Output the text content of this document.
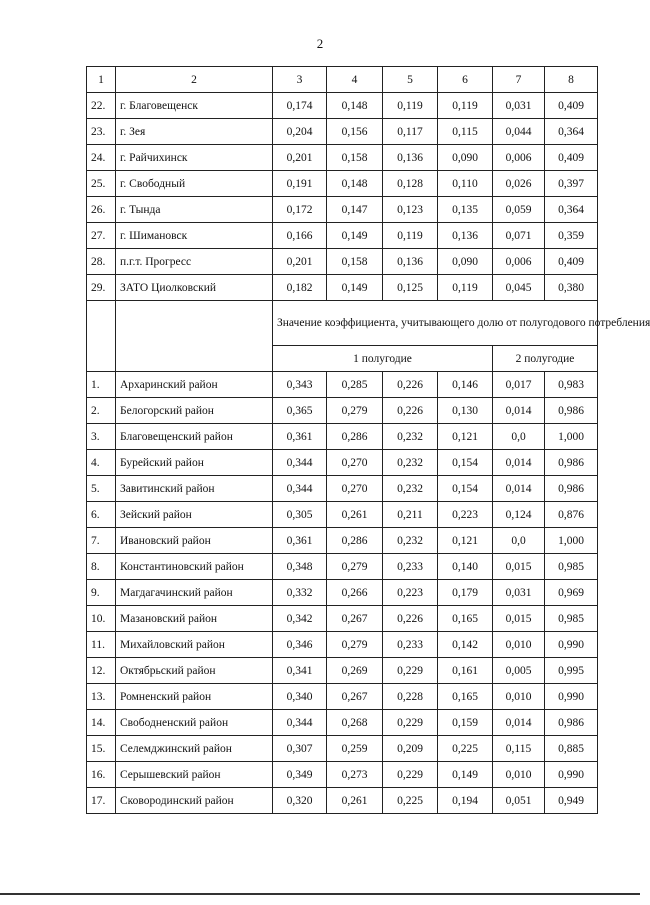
2
1	2	3	4	5	6	7	8
22.	г. Благовещенск	0,174	0,148	0,119	0,119	0,031	0,409
23.	г. Зея	0,204	0,156	0,117	0,115	0,044	0,364
24.	г. Райчихинск	0,201	0,158	0,136	0,090	0,006	0,409
25.	г. Свободный	0,191	0,148	0,128	0,110	0,026	0,397
26.	г. Тында	0,172	0,147	0,123	0,135	0,059	0,364
27.	г. Шимановск	0,166	0,149	0,119	0,136	0,071	0,359
28.	п.г.т. Прогресс	0,201	0,158	0,136	0,090	0,006	0,409
29.	ЗАТО Циолковский	0,182	0,149	0,125	0,119	0,045	0,380
		Значение коэффициента, учитывающего долю от полугодового потребления					
		1 полугодие				2 полугодие	
1.	Архаринский район	0,343	0,285	0,226	0,146	0,017	0,983
2.	Белогорский район	0,365	0,279	0,226	0,130	0,014	0,986
3.	Благовещенский район	0,361	0,286	0,232	0,121	0,0	1,000
4.	Бурейский район	0,344	0,270	0,232	0,154	0,014	0,986
5.	Завитинский район	0,344	0,270	0,232	0,154	0,014	0,986
6.	Зейский район	0,305	0,261	0,211	0,223	0,124	0,876
7.	Ивановский район	0,361	0,286	0,232	0,121	0,0	1,000
8.	Константиновский район	0,348	0,279	0,233	0,140	0,015	0,985
9.	Магдагачинский район	0,332	0,266	0,223	0,179	0,031	0,969
10.	Мазановский район	0,342	0,267	0,226	0,165	0,015	0,985
11.	Михайловский район	0,346	0,279	0,233	0,142	0,010	0,990
12.	Октябрьский район	0,341	0,269	0,229	0,161	0,005	0,995
13.	Ромненский район	0,340	0,267	0,228	0,165	0,010	0,990
14.	Свободненский район	0,344	0,268	0,229	0,159	0,014	0,986
15.	Селемджинский район	0,307	0,259	0,209	0,225	0,115	0,885
16.	Серышевский район	0,349	0,273	0,229	0,149	0,010	0,990
17.	Сковородинский район	0,320	0,261	0,225	0,194	0,051	0,949
